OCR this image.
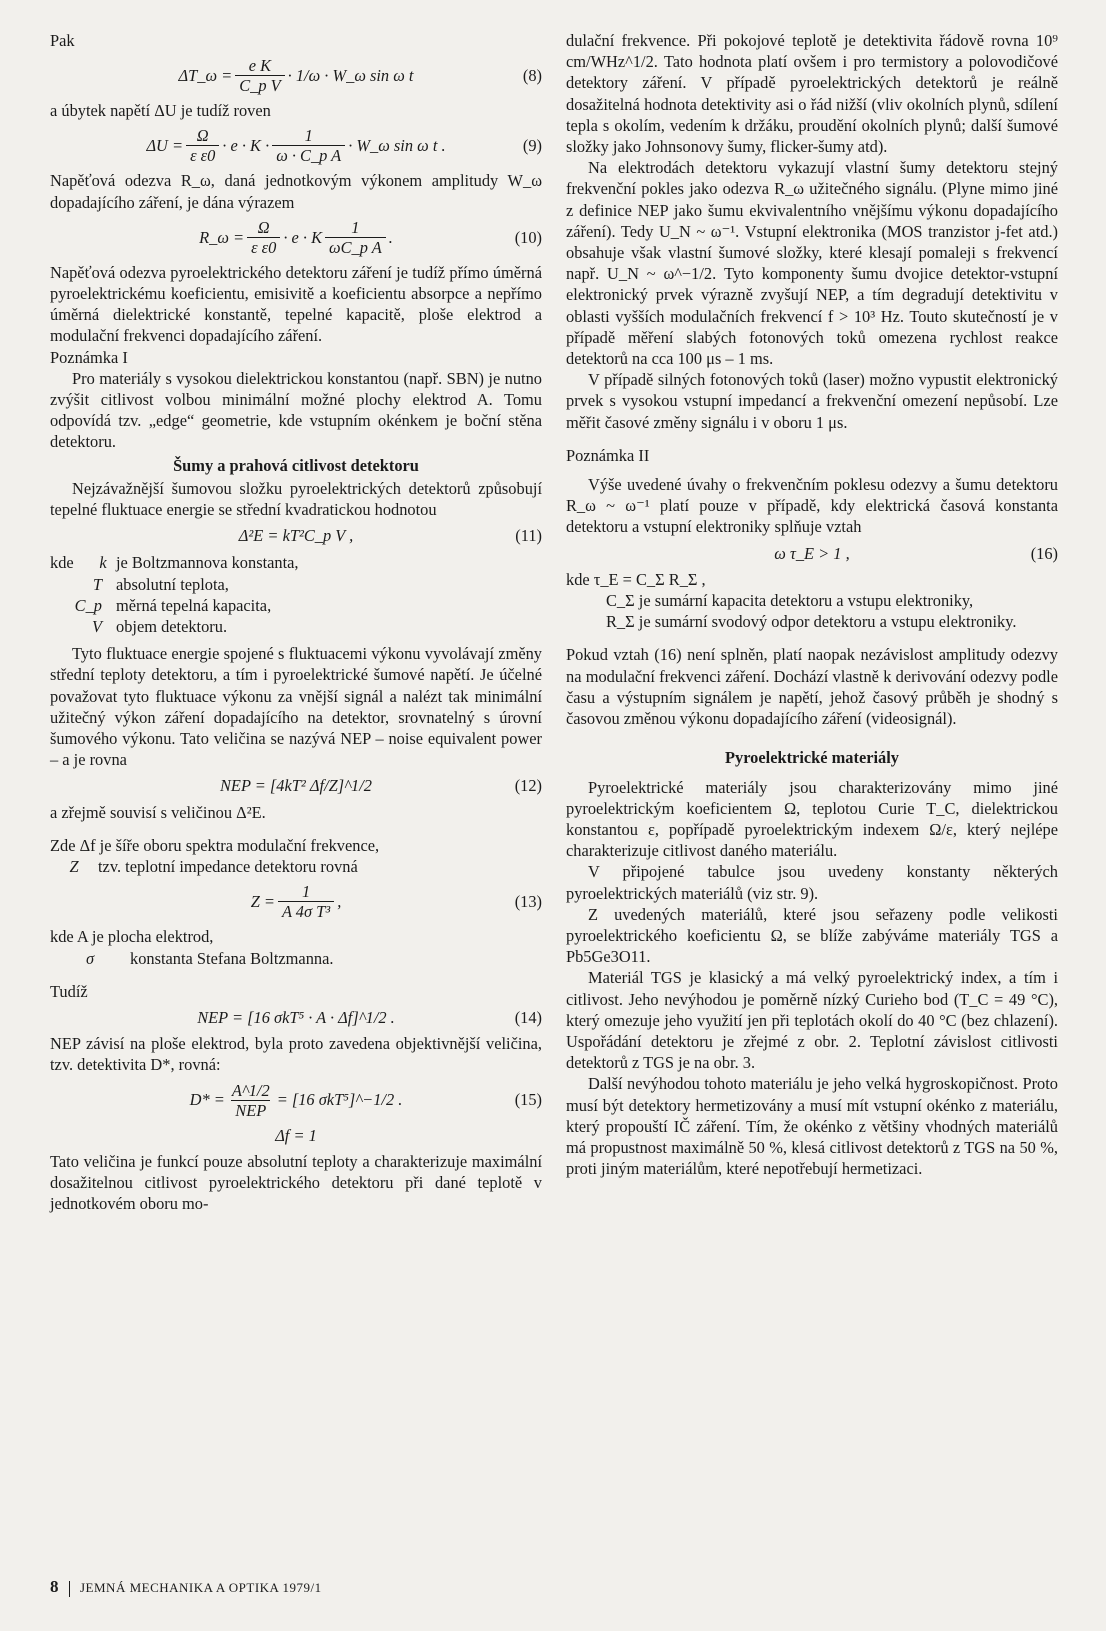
Pak

ΔT_ω = $\frac{\text{e K}}{\text{C\_p V}} \cdot 1/\omega$ · W_ω sin ω t	(8)

a úbytek napětí ΔU je tudíž roven

$\Delta U = \frac{\Omega}{\text{ε ε0}} \cdot e \cdot K \cdot \frac{1}{\text{ω · C\_p A}}$ · W_ω sin ω t .	(9)

Napěťová odezva R_ω, daná jednotkovým výkonem amplitudy W_ω dopadajícího záření, je dána výrazem

R_ω = $\frac{\Omega}{\text{ε ε0}} \cdot e \cdot K \frac{1}{\text{ωC\_p A}}$ .	(10)

Napěťová odezva pyroelektrického detektoru záření je tudíž přímo úměrná pyroelektrickému koeficientu, emisivitě a koeficientu absorpce a nepřímo úměrná dielektrické konstantě, tepelné kapacitě, ploše elektrod a modulační frekvenci dopadajícího záření.

Poznámka I

Pro materiály s vysokou dielektrickou konstantou (např. SBN) je nutno zvýšit citlivost volbou minimální možné plochy elektrod A. Tomu odpovídá tzv. „edge“ geometrie, kde vstupním okénkem je boční stěna detektoru.

Šumy a prahová citlivost detektoru

Nejzávažnější šumovou složku pyroelektrických detektorů způsobují tepelné fluktuace energie se střední kvadratickou hodnotou

Δ²E = kT²C_p V ,	(11)
kde	k je Boltzmannova konstanta,
T absolutní teplota,
C_p měrná tepelná kapacita,
V objem detektoru.

Tyto fluktuace energie spojené s fluktuacemi výkonu vyvolávají změny střední teploty detektoru, a tím i pyroelektrické šumové napětí. Je účelné považovat tyto fluktuace výkonu za vnější signál a nalézt tak minimální užitečný výkon záření dopadajícího na detektor, srovnatelný s úrovní šumového výkonu. Tato veličina se nazývá NEP – noise equivalent power – a je rovna

NEP = [4kT² Δf/Z]^1/2	(12)

a zřejmě souvisí s veličinou Δ²E.

Zde Δf je šíře oboru spektra modulační frekvence,

Z	tzv. teplotní impedance detektoru rovná
$Z = \frac{1}{\text{A 4σ T³}}$ ,	(13)

kde A je plocha elektrod,

σ	konstanta Stefana Boltzmanna.

Tudíž

NEP = [16 σkT⁵ · A · Δf]^1/2 .	(14)

NEP závisí na ploše elektrod, byla proto zavedena objektivnější veličina, tzv. detektivita D*, rovná:

$D* = \frac{A\^{}1/2}{\text{NEP}} = [16$ σkT⁵]^−1/2 .	(15)
Δf = 1

Tato veličina je funkcí pouze absolutní teploty a charakterizuje maximální dosažitelnou citlivost pyroelektrického detektoru při dané teplotě v jednotkovém oboru mo-

dulační frekvence. Při pokojové teplotě je detektivita řádově rovna 10⁹ cm/WHz^1/2. Tato hodnota platí ovšem i pro termistory a polovodičové detektory záření. V případě pyroelektrických detektorů je reálně dosažitelná hodnota detektivity asi o řád nižší (vliv okolních plynů, sdílení tepla s okolím, vedením k držáku, proudění okolních plynů; další šumové složky jako Johnsonovy šumy, flicker-šumy atd).

Na elektrodách detektoru vykazují vlastní šumy detektoru stejný frekvenční pokles jako odezva R_ω užitečného signálu. (Plyne mimo jiné z definice NEP jako šumu ekvivalentního vnějšímu výkonu dopadajícího záření). Tedy U_N ~ ω⁻¹. Vstupní elektronika (MOS tranzistor j-fet atd.) obsahuje však vlastní šumové složky, které klesají pomaleji s frekvencí např. U_N ~ ω^−1/2. Tyto komponenty šumu dvojice detektor-vstupní elektronický prvek výrazně zvyšují NEP, a tím degradují detektivitu v oblasti vyšších modulačních frekvencí f > 10³ Hz. Touto skutečností je v případě měření slabých fotonových toků omezena rychlost reakce detektorů na cca 100 μs – 1 ms.

V případě silných fotonových toků (laser) možno vypustit elektronický prvek s vysokou vstupní impedancí a frekvenční omezení nepůsobí. Lze měřit časové změny signálu i v oboru 1 μs.

Poznámka II

Výše uvedené úvahy o frekvenčním poklesu odezvy a šumu detektoru R_ω ~ ω⁻¹ platí pouze v případě, kdy elektrická časová konstanta detektoru a vstupní elektroniky splňuje vztah

ω τ_E > 1 ,	(16)

kde τ_E = C_Σ R_Σ ,

C_Σ je sumární kapacita detektoru a vstupu elektroniky,

R_Σ je sumární svodový odpor detektoru a vstupu elektroniky.

Pokud vztah (16) není splněn, platí naopak nezávislost amplitudy odezvy na modulační frekvenci záření. Dochází vlastně k derivování odezvy podle času a výstupním signálem je napětí, jehož časový průběh je shodný s časovou změnou výkonu dopadajícího záření (videosignál).

Pyroelektrické materiály

Pyroelektrické materiály jsou charakterizovány mimo jiné pyroelektrickým koeficientem Ω, teplotou Curie T_C, dielektrickou konstantou ε, popřípadě pyroelektrickým indexem Ω/ε, který nejlépe charakterizuje citlivost daného materiálu.

V připojené tabulce jsou uvedeny konstanty některých pyroelektrických materiálů (viz str. 9).

Z uvedených materiálů, které jsou seřazeny podle velikosti pyroelektrického koeficientu Ω, se blíže zabýváme materiály TGS a Pb5Ge3O11.

Materiál TGS je klasický a má velký pyroelektrický index, a tím i citlivost. Jeho nevýhodou je poměrně nízký Curieho bod (T_C = 49 °C), který omezuje jeho využití jen při teplotách okolí do 40 °C (bez chlazení). Uspořádání detektoru je zřejmé z obr. 2. Teplotní závislost citlivosti detektorů z TGS je na obr. 3.

Další nevýhodou tohoto materiálu je jeho velká hygroskopičnost. Proto musí být detektory hermetizovány a musí mít vstupní okénko z materiálu, který propouští IČ záření. Tím, že okénko z většiny vhodných materiálů má propustnost maximálně 50 %, klesá citlivost detektorů z TGS na 50 %, proti jiným materiálům, které nepotřebují hermetizaci.

8 JEMNÁ MECHANIKA A OPTIKA 1979/1
